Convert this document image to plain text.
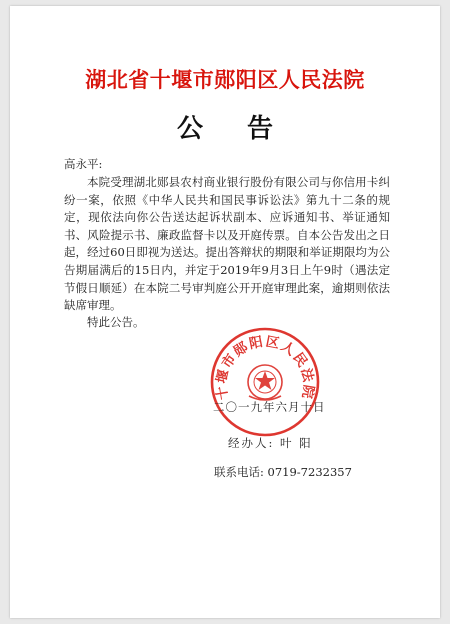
湖北省十堰市郧阳区人民法院
公告
高永平:

本院受理湖北郧县农村商业银行股份有限公司与你信用卡纠纷一案，依照《中华人民共和国民事诉讼法》第九十二条的规定，现依法向你公告送达起诉状副本、应诉通知书、举证通知书、风险提示书、廉政监督卡以及开庭传票。自本公告发出之日起，经过60日即视为送达。提出答辩状的期限和举证期限均为公告期届满后的15日内，并定于2019年9月3日上午9时（遇法定节假日顺延）在本院二号审判庭公开开庭审理此案，逾期则依法缺席审理。

特此公告。
十堰市郧阳区人民法院
二〇一九年六月十日
经办人: 叶 阳
联系电话: 0719-7232357
